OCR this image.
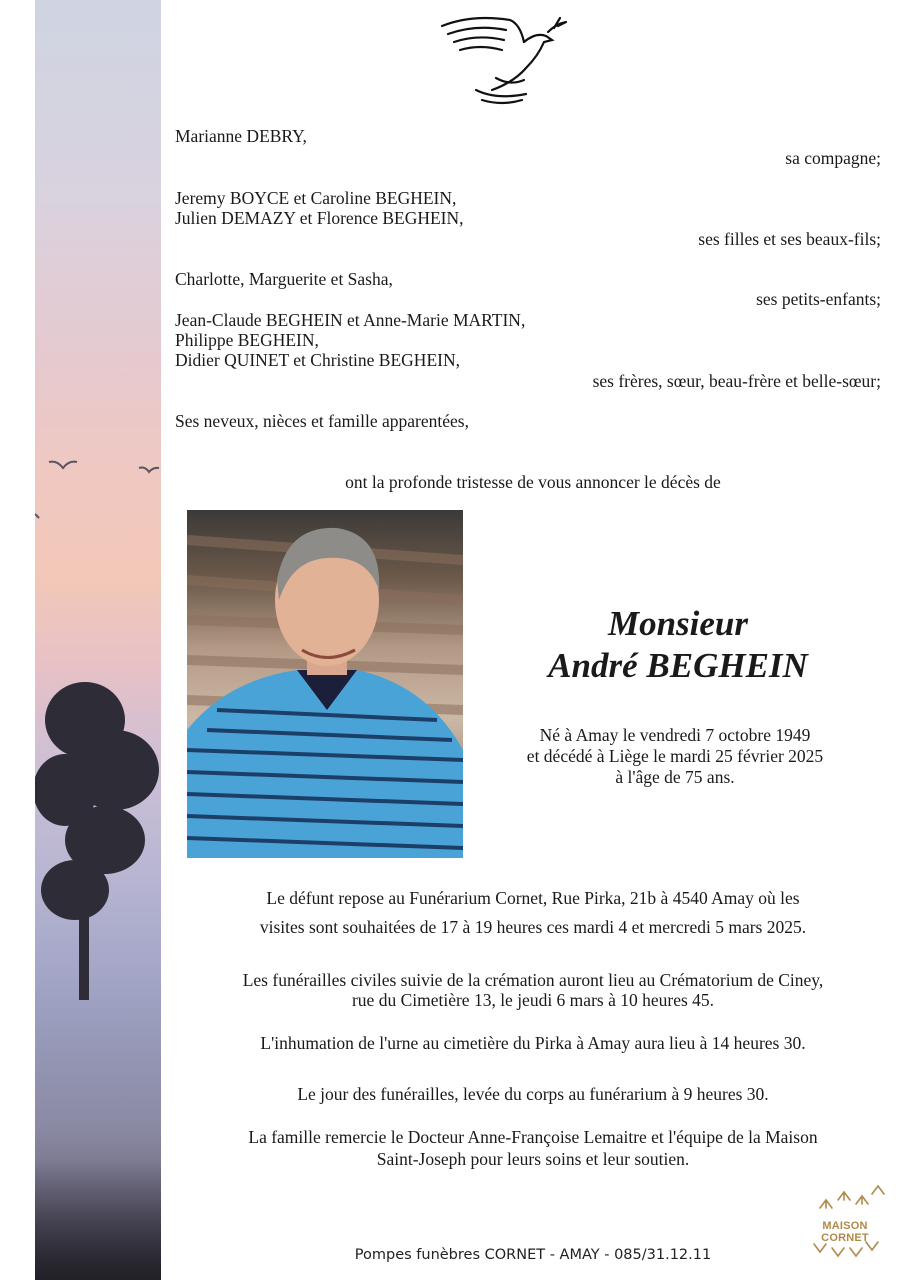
Marianne DEBRY,
sa compagne;
Jeremy BOYCE et Caroline BEGHEIN,
Julien DEMAZY et Florence BEGHEIN,
ses filles et ses beaux-fils;
Charlotte, Marguerite et Sasha,
ses petits-enfants;
Jean-Claude BEGHEIN et Anne-Marie MARTIN,
Philippe BEGHEIN,
Didier QUINET et Christine BEGHEIN,
ses frères, sœur, beau-frère et belle-sœur;
Ses neveux, nièces et famille apparentées,
ont la profonde tristesse de vous annoncer le décès de
Monsieur
André BEGHEIN
Né à Amay le vendredi 7 octobre 1949
et décédé à Liège le mardi 25 février 2025
à l'âge de 75 ans.
Le défunt repose au Funérarium Cornet, Rue Pirka, 21b à 4540 Amay où les
visites sont souhaitées de 17 à 19 heures ces mardi 4 et mercredi 5 mars 2025.
Les funérailles civiles suivie de la crémation auront lieu au Crématorium de Ciney,
rue du Cimetière 13, le jeudi 6 mars à 10 heures 45.
L'inhumation de l'urne au cimetière du Pirka à Amay aura lieu à 14 heures 30.
Le jour des funérailles, levée du corps au funérarium à 9 heures 30.
La famille remercie le Docteur Anne-Françoise Lemaitre et l'équipe de la Maison
Saint-Joseph pour leurs soins et leur soutien.
MAISON CORNET
Pompes funèbres CORNET - AMAY - 085/31.12.11
